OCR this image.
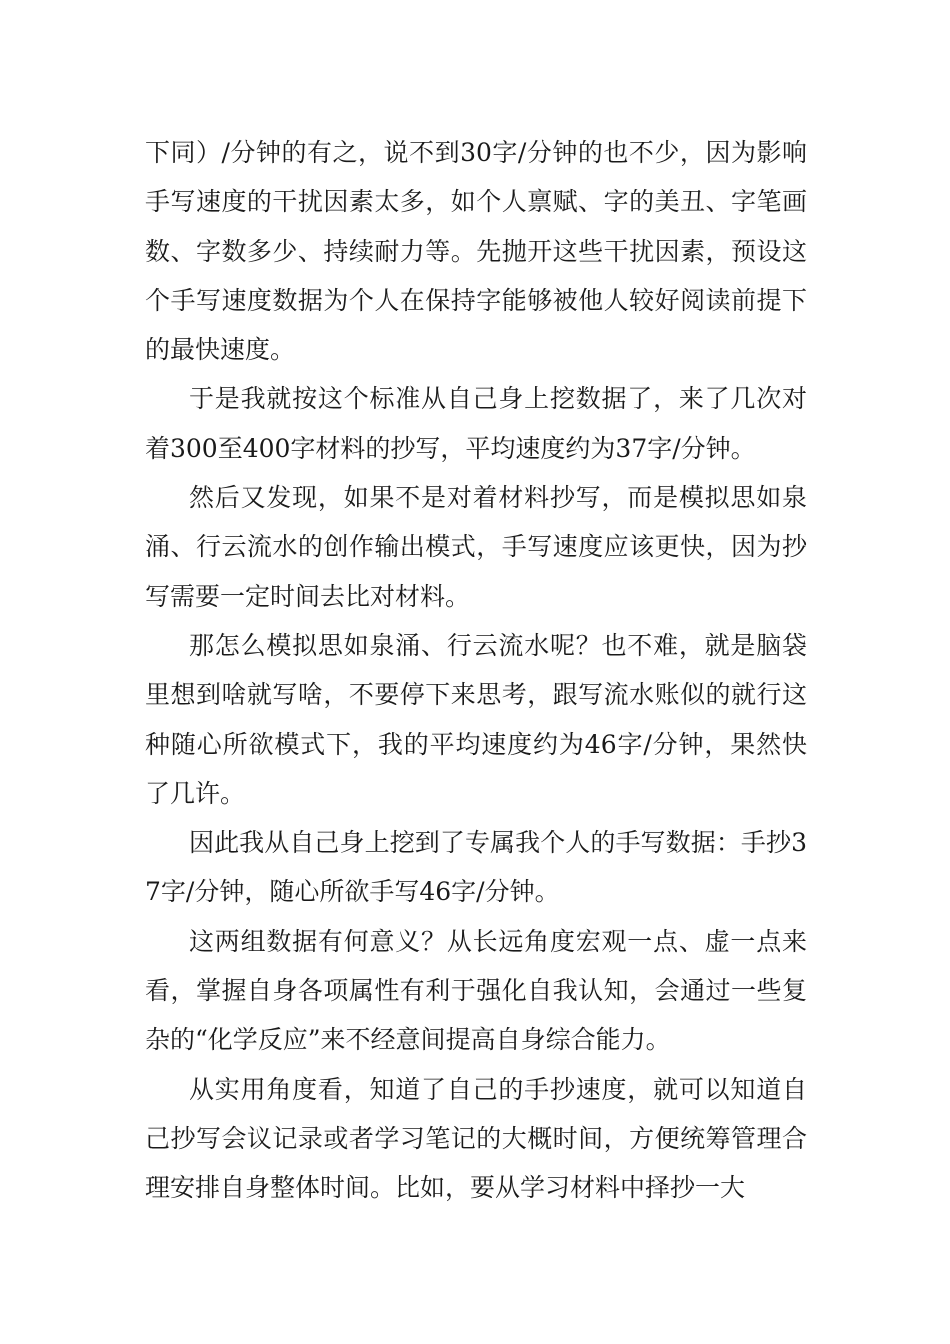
下同）/分钟的有之，说不到30字/分钟的也不少，因为影响手写速度的干扰因素太多，如个人禀赋、字的美丑、字笔画数、字数多少、持续耐力等。先抛开这些干扰因素，预设这个手写速度数据为个人在保持字能够被他人较好阅读前提下的最快速度。

于是我就按这个标准从自己身上挖数据了，来了几次对着300至400字材料的抄写，平均速度约为37字/分钟。

然后又发现，如果不是对着材料抄写，而是模拟思如泉涌、行云流水的创作输出模式，手写速度应该更快，因为抄写需要一定时间去比对材料。

那怎么模拟思如泉涌、行云流水呢？也不难，就是脑袋里想到啥就写啥，不要停下来思考，跟写流水账似的就行这种随心所欲模式下，我的平均速度约为46字/分钟，果然快了几许。

因此我从自己身上挖到了专属我个人的手写数据：手抄37字/分钟，随心所欲手写46字/分钟。

这两组数据有何意义？从长远角度宏观一点、虚一点来看，掌握自身各项属性有利于强化自我认知，会通过一些复杂的“化学反应”来不经意间提高自身综合能力。

从实用角度看，知道了自己的手抄速度，就可以知道自己抄写会议记录或者学习笔记的大概时间，方便统筹管理合理安排自身整体时间。比如，要从学习材料中择抄一大
